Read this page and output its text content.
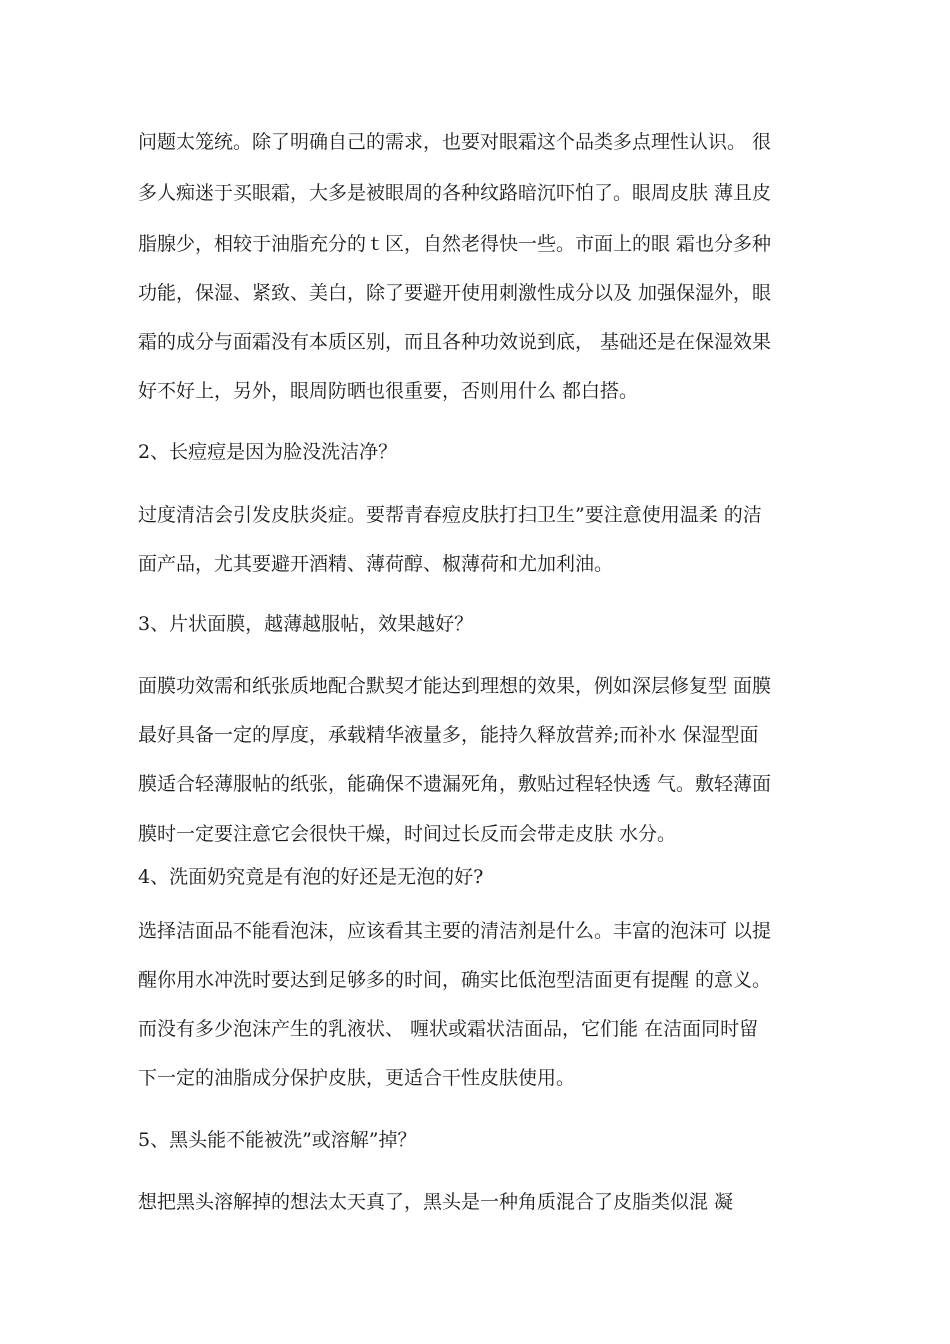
问题太笼统。除了明确自己的需求，也要对眼霜这个品类多点理性认识。 很
多人痴迷于买眼霜，大多是被眼周的各种纹路暗沉吓怕了。眼周皮肤 薄且皮
脂腺少，相较于油脂充分的ｔ区，自然老得快一些。市面上的眼 霜也分多种
功能，保湿、紧致、美白，除了要避开使用刺激性成分以及 加强保湿外，眼
霜的成分与面霜没有本质区别，而且各种功效说到底， 基础还是在保湿效果
好不好上，另外，眼周防晒也很重要，否则用什么 都白搭。
2、长痘痘是因为脸没洗洁净？
过度清洁会引发皮肤炎症。要帮青春痘皮肤打扫卫生”要注意使用温柔 的洁
面产品，尤其要避开酒精、薄荷醇、椒薄荷和尤加利油。
3、片状面膜，越薄越服帖，效果越好？
面膜功效需和纸张质地配合默契才能达到理想的效果，例如深层修复型 面膜
最好具备一定的厚度，承载精华液量多，能持久释放营养;而补水 保湿型面
膜适合轻薄服帖的纸张，能确保不遗漏死角，敷贴过程轻快透 气。敷轻薄面
膜时一定要注意它会很快干燥，时间过长反而会带走皮肤 水分。
4、洗面奶究竟是有泡的好还是无泡的好?
选择洁面品不能看泡沫，应该看其主要的清洁剂是什么。丰富的泡沫可 以提
醒你用水冲洗时要达到足够多的时间，确实比低泡型洁面更有提醒 的意义。
而没有多少泡沫产生的乳液状、 喱状或霜状洁面品，它们能 在洁面同时留
下一定的油脂成分保护皮肤，更适合干性皮肤使用。
5、黑头能不能被洗”或溶解”掉？
想把黑头溶解掉的想法太天真了，黑头是一种角质混合了皮脂类似混 凝
